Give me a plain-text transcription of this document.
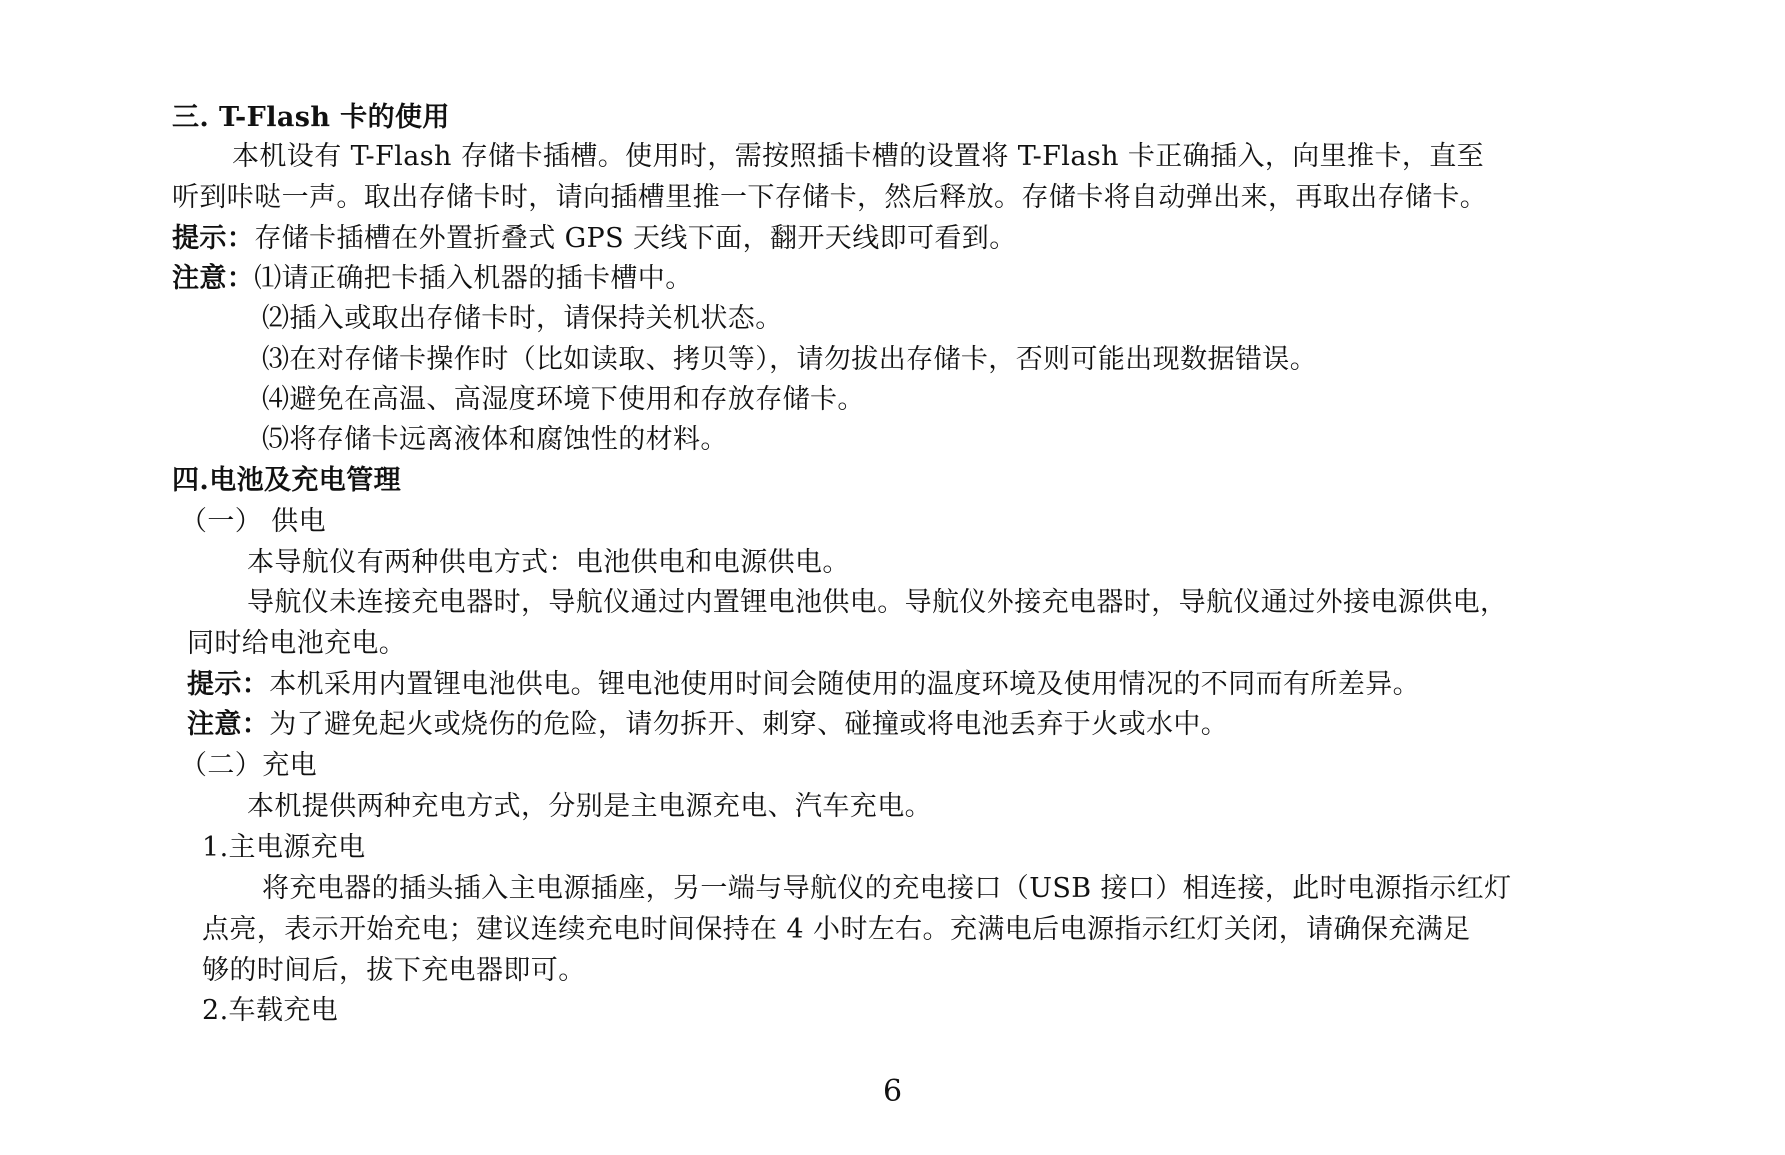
三. T-Flash 卡的使用
本机设有 T-Flash 存储卡插槽。使用时，需按照插卡槽的设置将 T-Flash 卡正确插入，向里推卡，直至
听到咔哒一声。取出存储卡时，请向插槽里推一下存储卡，然后释放。存储卡将自动弹出来，再取出存储卡。
提示：存储卡插槽在外置折叠式 GPS 天线下面，翻开天线即可看到。
注意：⑴请正确把卡插入机器的插卡槽中。
⑵插入或取出存储卡时，请保持关机状态。
⑶在对存储卡操作时（比如读取、拷贝等），请勿拔出存储卡，否则可能出现数据错误。
⑷避免在高温、高湿度环境下使用和存放存储卡。
⑸将存储卡远离液体和腐蚀性的材料。
四.电池及充电管理
（一） 供电
本导航仪有两种供电方式：电池供电和电源供电。
导航仪未连接充电器时，导航仪通过内置锂电池供电。导航仪外接充电器时，导航仪通过外接电源供电，
同时给电池充电。
提示：本机采用内置锂电池供电。锂电池使用时间会随使用的温度环境及使用情况的不同而有所差异。
注意：为了避免起火或烧伤的危险，请勿拆开、刺穿、碰撞或将电池丢弃于火或水中。
（二）充电
本机提供两种充电方式，分别是主电源充电、汽车充电。
1.主电源充电
将充电器的插头插入主电源插座，另一端与导航仪的充电接口（USB 接口）相连接，此时电源指示红灯
点亮，表示开始充电；建议连续充电时间保持在 4 小时左右。充满电后电源指示红灯关闭，请确保充满足
够的时间后，拔下充电器即可。
2.车载充电
6
